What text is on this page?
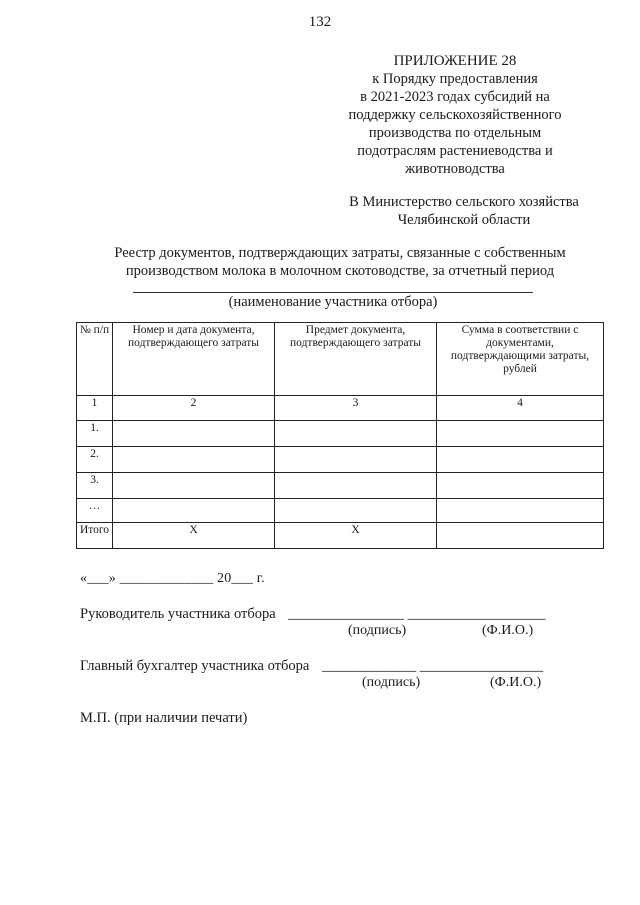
132
ПРИЛОЖЕНИЕ 28
к Порядку предоставления
в 2021-2023 годах субсидий на
поддержку сельскохозяйственного
производства по отдельным
подотраслям растениеводства и
животноводства
В Министерство сельского хозяйства
Челябинской области
Реестр документов, подтверждающих затраты, связанные с собственным
производством молока в молочном скотоводстве, за отчетный период
(наименование участника отбора)
№ п/п	Номер и дата документа, подтверждающего затраты	Предмет документа, подтверждающего затраты	Сумма в соответствии с документами, подтверждающими затраты, рублей
1	2	3	4
1.			
2.			
3.			
…			
Итого	Х	Х	
«___» _____________ 20___ г.
Руководитель участника отбора ________________ ___________________
(подпись)	(Ф.И.О.)
Главный бухгалтер участника отбора _____________ _________________
(подпись)	(Ф.И.О.)
М.П. (при наличии печати)
